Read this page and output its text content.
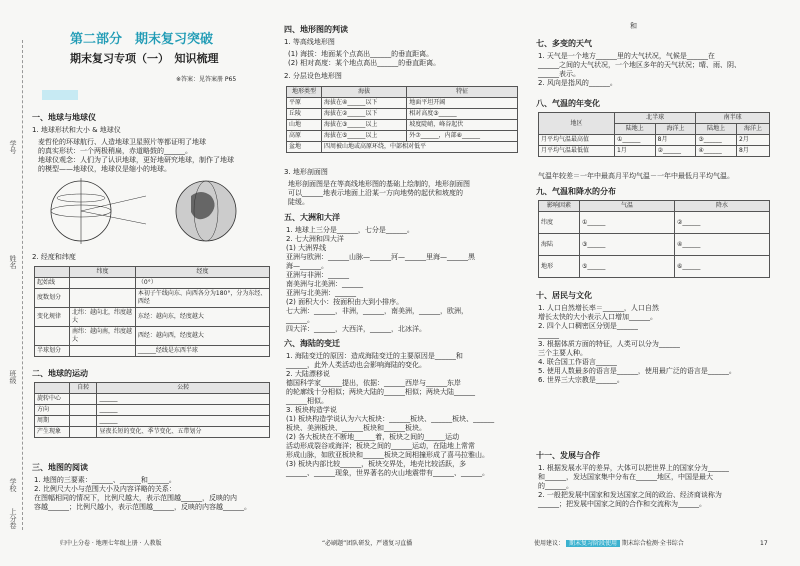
学号
姓名
班级
学校
上分卷
第二部分　期末复习突破
期末复习专项（一）　知识梳理
※答案：见答案册 P65
一、地球与地球仪
1. 地球形状和大小 & 地球仪
麦哲伦的环球航行、人造地球卫星照片等都证明了地球
的真实形状：一个两极稍扁，赤道略鼓的______。
地球仪观念：人们为了认识地球，更好地研究地球，制作了地球
的模型——地球仪，地球仪是缩小的地球。
2. 经度和纬度
	纬度	经度
起始线		（0°）
度数划分		本初子午线向东、向西各分为180°，分为东经、西经
变化规律	北纬：越向北，纬度越大	东经：越向东，经度越大
	南纬：越向南，纬度越大	西经：越向西，经度越大
半球划分		______经线是东西半球
二、地球的运动
	自转	公转
旋转中心		______
方向		______
周期		______
产生现象		昼夜长短的变化、季节变化、五带划分
三、地图的阅读
1. 地图的三要素：______、______和______。
2. 比例尺大小与范围大小及内容详略的关系：
在图幅相同的情况下，比例尺越大，表示范围越______，反映的内
容越______；比例尺越小，表示范围越______，反映的内容越______。
归中上分卷 · 地理七年级上册 · 人教版
四、地形图的判读
1. 等高线地形图
(1) 海拔：地面某个点高出______的垂直距离。
(2) 相对高度：某个地点高出______的垂直距离。
2. 分层设色地形图
地形类型	海拔	特征
平原	海拔在④______以下	地面平坦开阔
丘陵	海拔在②______以下	相对高度③______
山地	海拔在③______以上	坡度陡峭，峰谷起伏
高原	海拔在⑤______以上	外⑦______，内部⑧______
盆地	四周被山地或高原环绕，中部相对低平	
3. 地形剖面图
地形剖面图是在等高线地形图的基础上绘制的，地形剖面图
可以______地表示地面上沿某一方向地势的起伏和坡度的
陡缓。
五、大洲和大洋
1. 地球上三分是______，七分是______。
2. 七大洲和四大洋
(1) 大洲界线
亚洲与欧洲：______山脉—______河—______里海—______黑
海—______。
亚洲与非洲：______
南美洲与北美洲：______
亚洲与北美洲：______
(2) 面积大小：按面积由大到小排序。
七大洲：______，非洲，______，南美洲，______，欧洲，
______。
四大洋：______，大西洋，______，北冰洋。
六、海陆的变迁
1. 海陆变迁的原因：造成海陆变迁的主要原因是______和
______，此外人类活动也会影响海陆的变化。
2. 大陆漂移说
德国科学家______提出，依据：______西岸与______东岸
的轮廓线十分相似；两块大陆的______相似；两块大陆______
______相似。
3. 板块构造学说
(1) 板块构造学说认为六大板块：______板块、______板块、______
板块、美洲板块、______板块和______板块。
(2) 各大板块在不断地______着，板块之间的______运动
活动形成裂谷或海洋；板块之间的______运动，在陆地上常常
形成山脉，如欧亚板块和______板块之间相撞形成了喜马拉雅山。
(3) 板块内部比较______，板块交界处，地壳比较活跃，多
______、______现象，世界著名的火山地震带有______、______。
“必刷题”团队研发，严谨复习直播
和
七、多变的天气
1. 天气是一个地方______里的大气状况，气候是______在
______之间的大气状况，一个地区多年的天气状况；晴、雨、阴、
______表示。
2. 风向是指风的______。
八、气温的年变化
地区	北半球		南半球	
	陆地上	海洋上	陆地上	海洋上
月平均气温最高值	①______	8月	③______	2月
月平均气温最低值	1月	②______	④______	8月
气温年较差＝一年中最高月平均气温－一年中最低月平均气温。
九、气温和降水的分布
影响因素	气温	降水
纬度	①______	②______
海陆	③______	④______
地形	⑤______	⑥______
十、居民与文化
1. 人口自然增长率＝______，人口自然
增长太快的大小表示人口增加______。
2. 四个人口稠密区分别是______
______
3. 根据体质方面的特征，人类可以分为______
三个主要人种。
4. 联合国工作语言______
5. 使用人数最多的语言是______，使用最广泛的语言是______。
6. 世界三大宗教是______。
十一、发展与合作
1. 根据发展水平的差异，大体可以把世界上的国家分为______
和______，发达国家集中分布在______地区，中国是最大
的______。
2. 一般把发展中国家和发达国家之间的政治、经济商谈称为
______；把发展中国家之间的合作和交流称为______。
使用建议： 期末复习阶段使用 期末综合检测·全书综合	17
